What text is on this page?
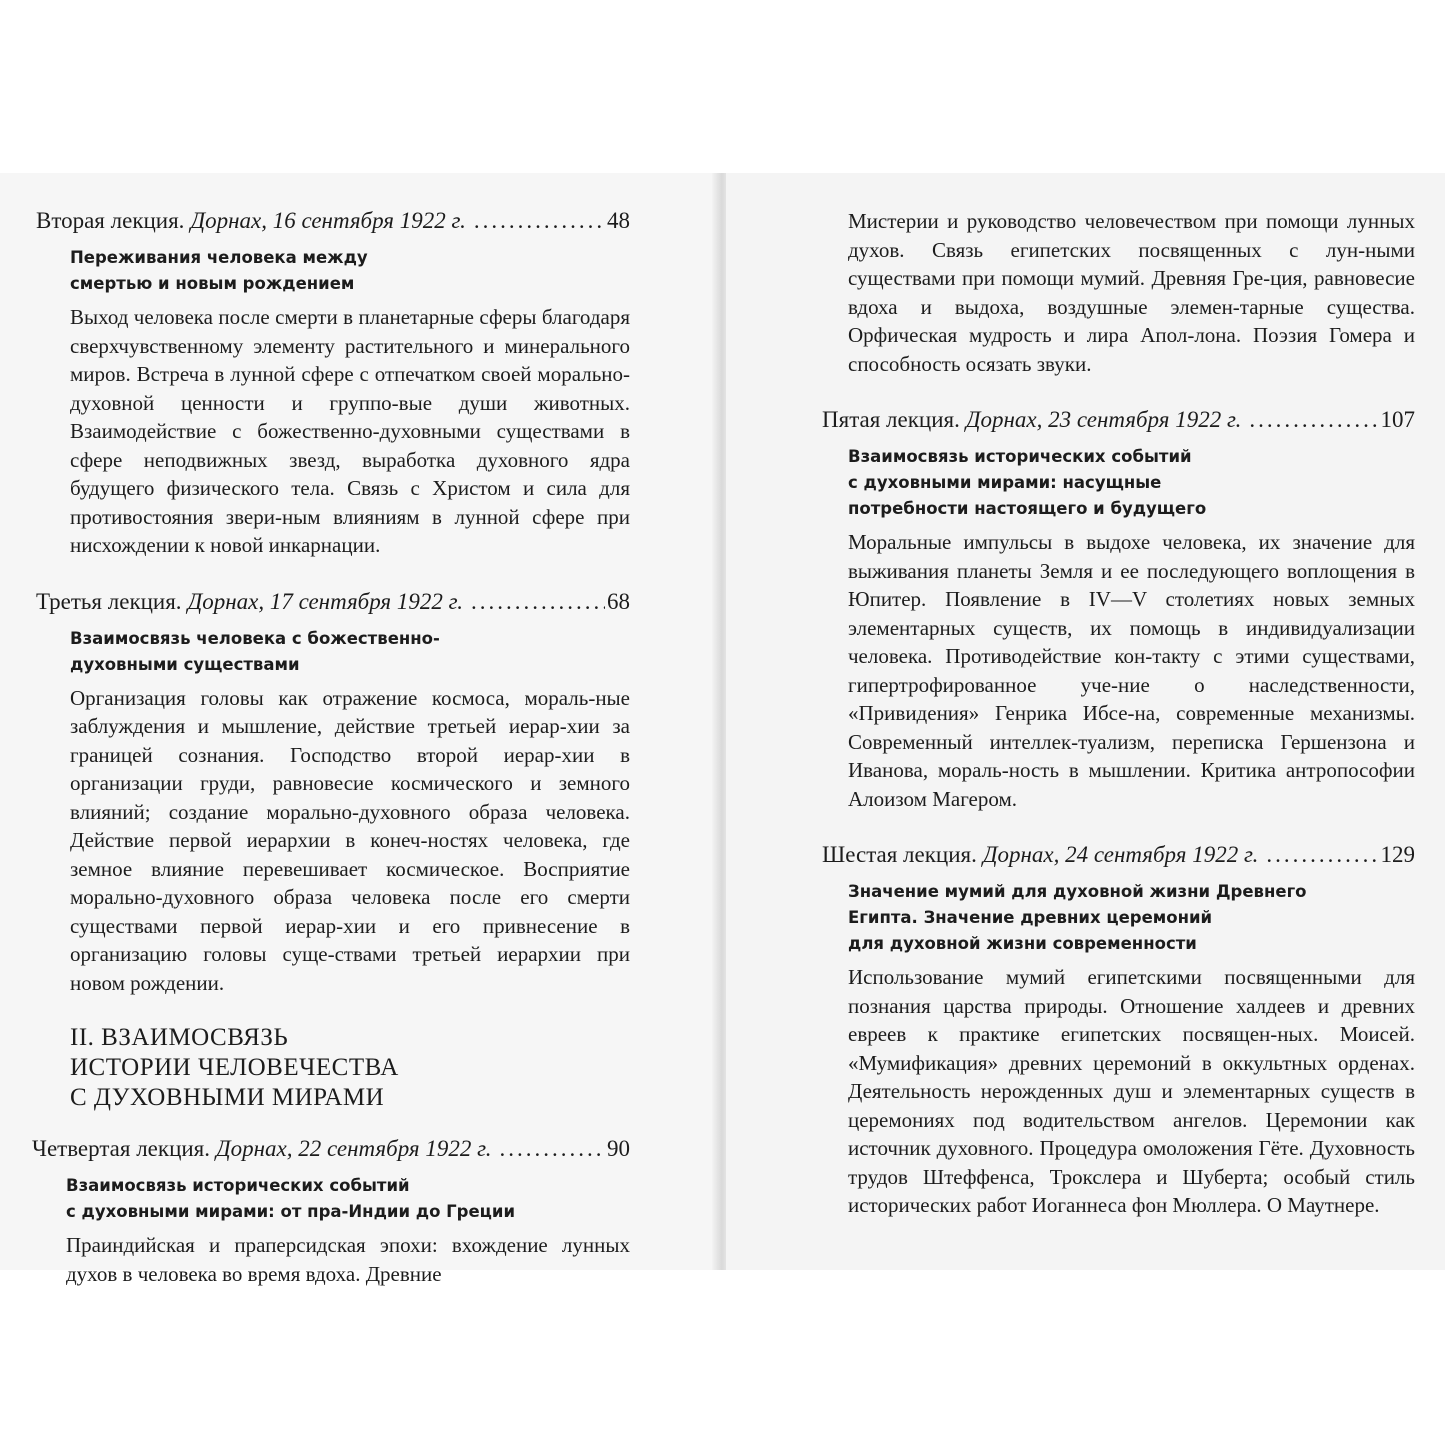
Вторая лекция. Дорнах, 16 сентября 1922 г. .....	48
Переживания человека между
смертью и новым рождением
Выход человека после смерти в планетарные сферы благодаря сверхчувственному элементу растительного и минерального миров. Встреча в лунной сфере с отпечатком своей морально-духовной ценности и группо-вые души животных. Взаимодействие с божественно-духовными существами в сфере неподвижных звезд, выработка духовного ядра будущего физического тела. Связь с Христом и сила для противостояния звери-ным влияниям в лунной сфере при нисхождении к новой инкарнации.
Третья лекция. Дорнах, 17 сентября 1922 г. .....	68
Взаимосвязь человека с божественно-
духовными существами
Организация головы как отражение космоса, мораль-ные заблуждения и мышление, действие третьей иерар-хии за границей сознания. Господство второй иерар-хии в организации груди, равновесие космического и земного влияний; создание морально-духовного образа человека. Действие первой иерархии в конеч-ностях человека, где земное влияние перевешивает космическое. Восприятие морально-духовного образа человека после его смерти существами первой иерар-хии и его привнесение в организацию головы суще-ствами третьей иерархии при новом рождении.
II. ВЗАИМОСВЯЗЬ
ИСТОРИИ ЧЕЛОВЕЧЕСТВА
С ДУХОВНЫМИ МИРАМИ
Четвертая лекция. Дорнах, 22 сентября 1922 г. .....	90
Взаимосвязь исторических событий
с духовными мирами: от пра-Индии до Греции
Праиндийская и праперсидская эпохи: вхождение лунных духов в человека во время вдоха. Древние
Мистерии и руководство человечеством при помощи лунных духов. Связь египетских посвященных с лун-ными существами при помощи мумий. Древняя Гре-ция, равновесие вдоха и выдоха, воздушные элемен-тарные существа. Орфическая мудрость и лира Апол-лона. Поэзия Гомера и способность осязать звуки.
Пятая лекция. Дорнах, 23 сентября 1922 г. .....	107
Взаимосвязь исторических событий
с духовными мирами: насущные
потребности настоящего и будущего
Моральные импульсы в выдохе человека, их значение для выживания планеты Земля и ее последующего воплощения в Юпитер. Появление в IV—V столетиях новых земных элементарных существ, их помощь в индивидуализации человека. Противодействие кон-такту с этими существами, гипертрофированное уче-ние о наследственности, «Привидения» Генрика Ибсе-на, современные механизмы. Современный интеллек-туализм, переписка Гершензона и Иванова, мораль-ность в мышлении. Критика антропософии Алоизом Магером.
Шестая лекция. Дорнах, 24 сентября 1922 г. .....	129
Значение мумий для духовной жизни Древнего
Египта. Значение древних церемоний
для духовной жизни современности
Использование мумий египетскими посвященными для познания царства природы. Отношение халдеев и древних евреев к практике египетских посвящен-ных. Моисей. «Мумификация» древних церемоний в оккультных орденах. Деятельность нерожденных душ и элементарных существ в церемониях под водительством ангелов. Церемонии как источник духовного. Процедура омоложения Гёте. Духовность трудов Штеффенса, Трокслера и Шуберта; особый стиль исторических работ Иоганнеса фон Мюллера. О Маутнере.
